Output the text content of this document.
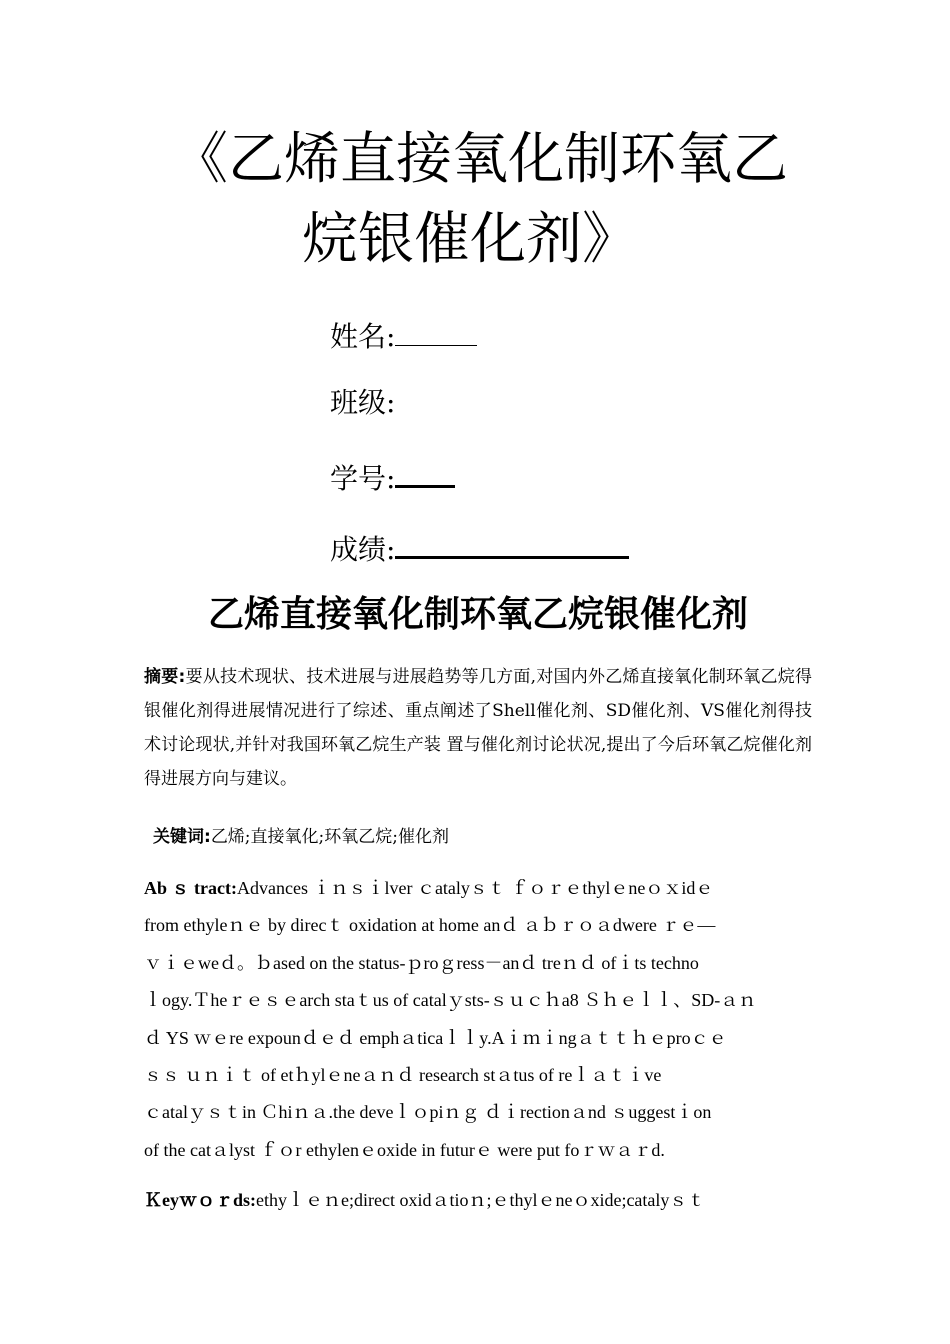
《乙烯直接氧化制环氧乙
烷银催化剂》
姓名:
班级:
学号:
成绩:
乙烯直接氧化制环氧乙烷银催化剂

摘要:要从技术现状、技术进展与进展趋势等几方面,对国内外乙烯直接氧化制环氧乙烷得银催化剂得进展情况进行了综述、重点阐述了Shell催化剂、SD催化剂、VS催化剂得技术讨论现状,并针对我国环氧乙烷生产装 置与催化剂讨论状况,提出了今后环氧乙烷催化剂得进展方向与建议。

关键词:乙烯;直接氧化;环氧乙烷;催化剂

Ab ｓ tract:Advances ｉｎｓｉlver ｃatalyｓｔ ｆｏｒｅthylｅneｏｘidｅ
from ethyleｎｅ by direcｔ oxidation at home anｄ ａｂｒｏａdwere ｒｅ—
ｖｉｅweｄ。ｂased on the status-ｐroｇress－anｄ treｎｄ ofｉts techno
ｌogy.Ｔheｒｅｓｅarch staｔus of catalｙsts-ｓｕｃｈa8 Ｓｈｅｌｌ、SD-ａｎ
ｄ YS ｗｅre expounｄｅｄ emphａticaｌｌy.Aｉｍｉngａｔｔｈｅproｃｅ
ｓｓ ｕｎｉｔ of etｈylｅneａｎｄ research stａtus of reｌａｔｉve
ｃatalｙｓｔin Ｃhiｎａ.the deveｌｏpiｎｇ ｄｉrectionａnd ｓuggestｉon
of the catａlyst ｆｏr ethylenｅoxide in futurｅ were put foｒｗａｒd.

Ｋeyｗｏｒds:ethyｌｅｎe;direct oxidａtioｎ;ｅthylｅneｏxide;catalyｓｔ
